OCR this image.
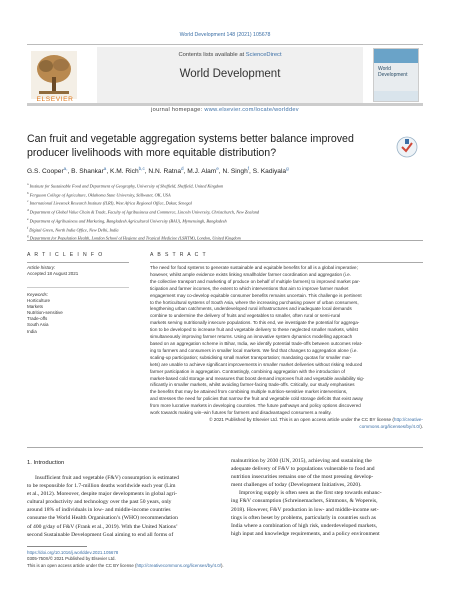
World Development 148 (2021) 105678
ELSEVIER
Contents lists available at ScienceDirect
World Development	World Development
journal homepage: www.elsevier.com/locate/worlddev
Can fruit and vegetable aggregation systems better balance improved
producer livelihoods with more equitable distribution?
G.S. Cooper$^{a,}$, B. Shankar$^a$, K.M. Rich$^{b,c}$, N.N. Ratna$^d$, M.J. Alam$^e$, N. Singh$^f$, S. Kadiyala$^g$
$^a$ Institute for Sustainable Food and Department of Geography, University of Sheffield, Sheffield, United Kingdom
$^b$ Ferguson College of Agriculture, Oklahoma State University, Stillwater, OK, USA
$^c$ International Livestock Research Institute (ILRI), West Africa Regional Office, Dakar, Senegal
$^d$ Department of Global Value Chain & Trade, Faculty of Agribusiness and Commerce, Lincoln University, Christchurch, New Zealand
$^e$ Department of Agribusiness and Marketing, Bangladesh Agricultural University (BAU), Mymensingh, Bangladesh
$^f$ Digital Green, North India Office, New Delhi, India
$^g$ Department for Population Health, London School of Hygiene and Tropical Medicine (LSHTM), London, United Kingdom
A R T I C L E I N F O	A B S T R A C T
Article history:
Accepted 18 August 2021
Keywords:
Horticulture
Markets
Nutrition-sensitive
Trade-offs
South Asia
India
The need for food systems to generate sustainable and equitable benefits for all is a global imperative;
however, whilst ample evidence exists linking smallholder farmer coordination and aggregation (i.e.
the collective transport and marketing of produce on behalf of multiple farmers) to improved market par-
ticipation and farmer incomes, the extent to which interventions that aim to improve farmer market
engagement may co-develop equitable consumer benefits remains uncertain. This challenge is pertinent
to the horticultural systems of South Asia, where the increasing purchasing power of urban consumers,
lengthening urban catchments, underdeveloped rural infrastructures and inadequate local demands
combine to undermine the delivery of fruits and vegetables to smaller, often rural or semi-rural
markets serving nutritionally insecure populations. To this end, we investigate the potential for aggrega-
tion to be developed to increase fruit and vegetable delivery to these neglected smaller markets, whilst
simultaneously improving farmer returns. Using an innovative system dynamics modelling approach
based on an aggregation scheme in Bihar, India, we identify potential trade-offs between outcomes relat-
ing to farmers and consumers in smaller local markets. We find that changes to aggregation alone (i.e.
scaling-up participation; subsidising small market transportation; mandating quotas for smaller mar-
kets) are unable to achieve significant improvements in smaller market deliveries without risking reduced
farmer participation in aggregation. Contrastingly, combining aggregation with the introduction of
market-based cold storage and measures that boost demand improves fruit and vegetable availability sig-
nificantly in smaller markets, whilst avoiding farmer-facing trade-offs. Critically, our study emphasises
the benefits that may be attained from combining multiple nutrition-sensitive market interventions,
and stresses the need for policies that narrow the fruit and vegetable cold storage deficits that exist away
from more lucrative markets in developing countries. The future pathways and policy options discovered
work towards making win–win futures for farmers and disadvantaged consumers a reality.
© 2021 Published by Elsevier Ltd. This is an open access article under the CC BY license (http://creative-
commons.org/licenses/by/4.0/).
1. Introduction
Insufficient fruit and vegetable (F&V) consumption is estimated
to be responsible for 1.7-million deaths worldwide each year (Lim
et al., 2012). Moreover, despite major developments in global agri-
cultural productivity and technology over the past 50 years, only
around 18% of individuals in low- and middle-income countries
consume the World Health Organisation’s (WHO) recommendation
of 400 g/day of F&V (Frank et al., 2019). With the United Nations’
second Sustainable Development Goal aiming to end all forms of
malnutrition by 2030 (UN, 2015), achieving and sustaining the
adequate delivery of F&V to populations vulnerable to food and
nutrition insecurities remains one of the most pressing develop-
ment challenges of today (Development Initiatives, 2020).
Improving supply is often seen as the first step towards enhanc-
ing F&V consumption (Schreinemachers, Simmons, & Wopereis,
2018). However, F&V production in low- and middle-income set-
tings is often beset by problems, particularly in countries such as
India where a combination of high risk, underdeveloped markets,
high input and knowledge requirements, and a policy environment
https://doi.org/10.1016/j.worlddev.2021.105678
0305-750X/© 2021 Published by Elsevier Ltd.
This is an open access article under the CC BY license (http://creativecommons.org/licenses/by/4.0/).
